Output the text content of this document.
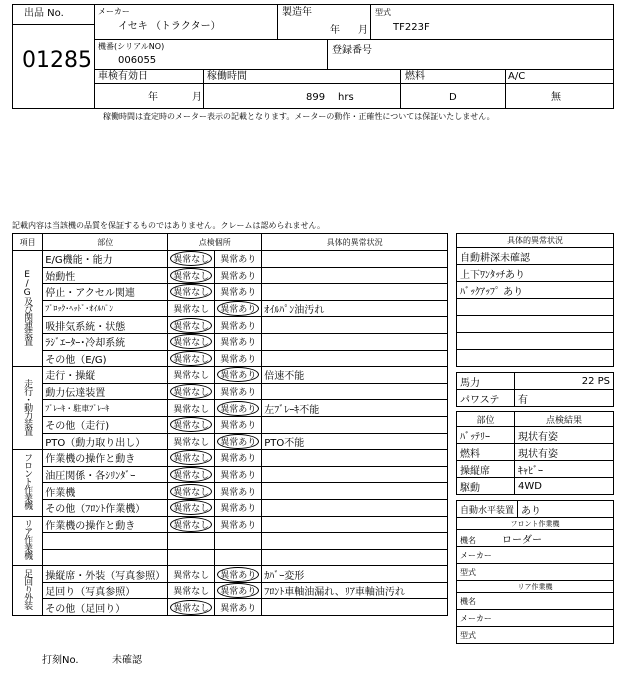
出品 No.
01285
メーカー
イセキ （トラクター）
製造年
年 月
型式
TF223F
機番(シリアルNO)
006055
登録番号
車検有効日
年	月
稼働時間
899 hrs
燃料
D
A/C
無
稼働時間は査定時のメーター表示の記載となります。メーターの動作・正確性については保証いたしません。
記載内容は当該機の品質を保証するものではありません。クレームは認められません。
項目	部位	点検個所		具体的異常状況
E/G及び関連装置	E/G機能・能力	異常なし	異常あり	
	始動性	異常なし	異常あり	
	停止・アクセル関連	異常なし	異常あり	
	ﾌﾞﾛｯｸ･ﾍｯﾄﾞ･ｵｲﾙﾊﾟﾝ	異常なし	異常あり	ｵｲﾙﾊﾟﾝ油汚れ
	吸排気系統・状態	異常なし	異常あり	
	ﾗｼﾞｴｰﾀｰ･冷却系統	異常なし	異常あり	
	その他（E/G)	異常なし	異常あり	
走行・動力装置	走行・操縦	異常なし	異常あり	倍速不能
	動力伝達装置	異常なし	異常あり	
	ﾌﾞﾚｰｷ・駐車ﾌﾞﾚｰｷ	異常なし	異常あり	左ﾌﾞﾚｰｷ不能
	その他（走行)	異常なし	異常あり	
	PTO（動力取り出し）	異常なし	異常あり	PTO不能
フロント作業機	作業機の操作と動き	異常なし	異常あり	
	油圧関係・各ｼﾘﾝﾀﾞｰ	異常なし	異常あり	
	作業機	異常なし	異常あり	
	その他（ﾌﾛﾝﾄ作業機）	異常なし	異常あり	
リア作業機	作業機の操作と動き	異常なし	異常あり	

足回り外装	操縦席・外装（写真参照）	異常なし	異常あり	ｶﾊﾞｰ変形
	足回り（写真参照）	異常なし	異常あり	ﾌﾛﾝﾄ車軸油漏れ、ﾘｱ車軸油汚れ
	その他（足回り）	異常なし	異常あり	
具体的異常状況
自動耕深未確認
上下ﾜﾝﾀｯﾁあり
ﾊﾞｯｸｱｯﾌﾟ あり

馬力	22 PS
パワステ	有
部位	点検結果
ﾊﾞｯﾃﾘｰ	現状有姿
燃料	現状有姿
操縦席	ｷｬﾋﾞｰ
駆動	4WD
自動水平装置	あり
フロント作業機
機名	ローダー
メーカー
型式
リア作業機
機名
メーカー
型式
打刻No.	未確認
